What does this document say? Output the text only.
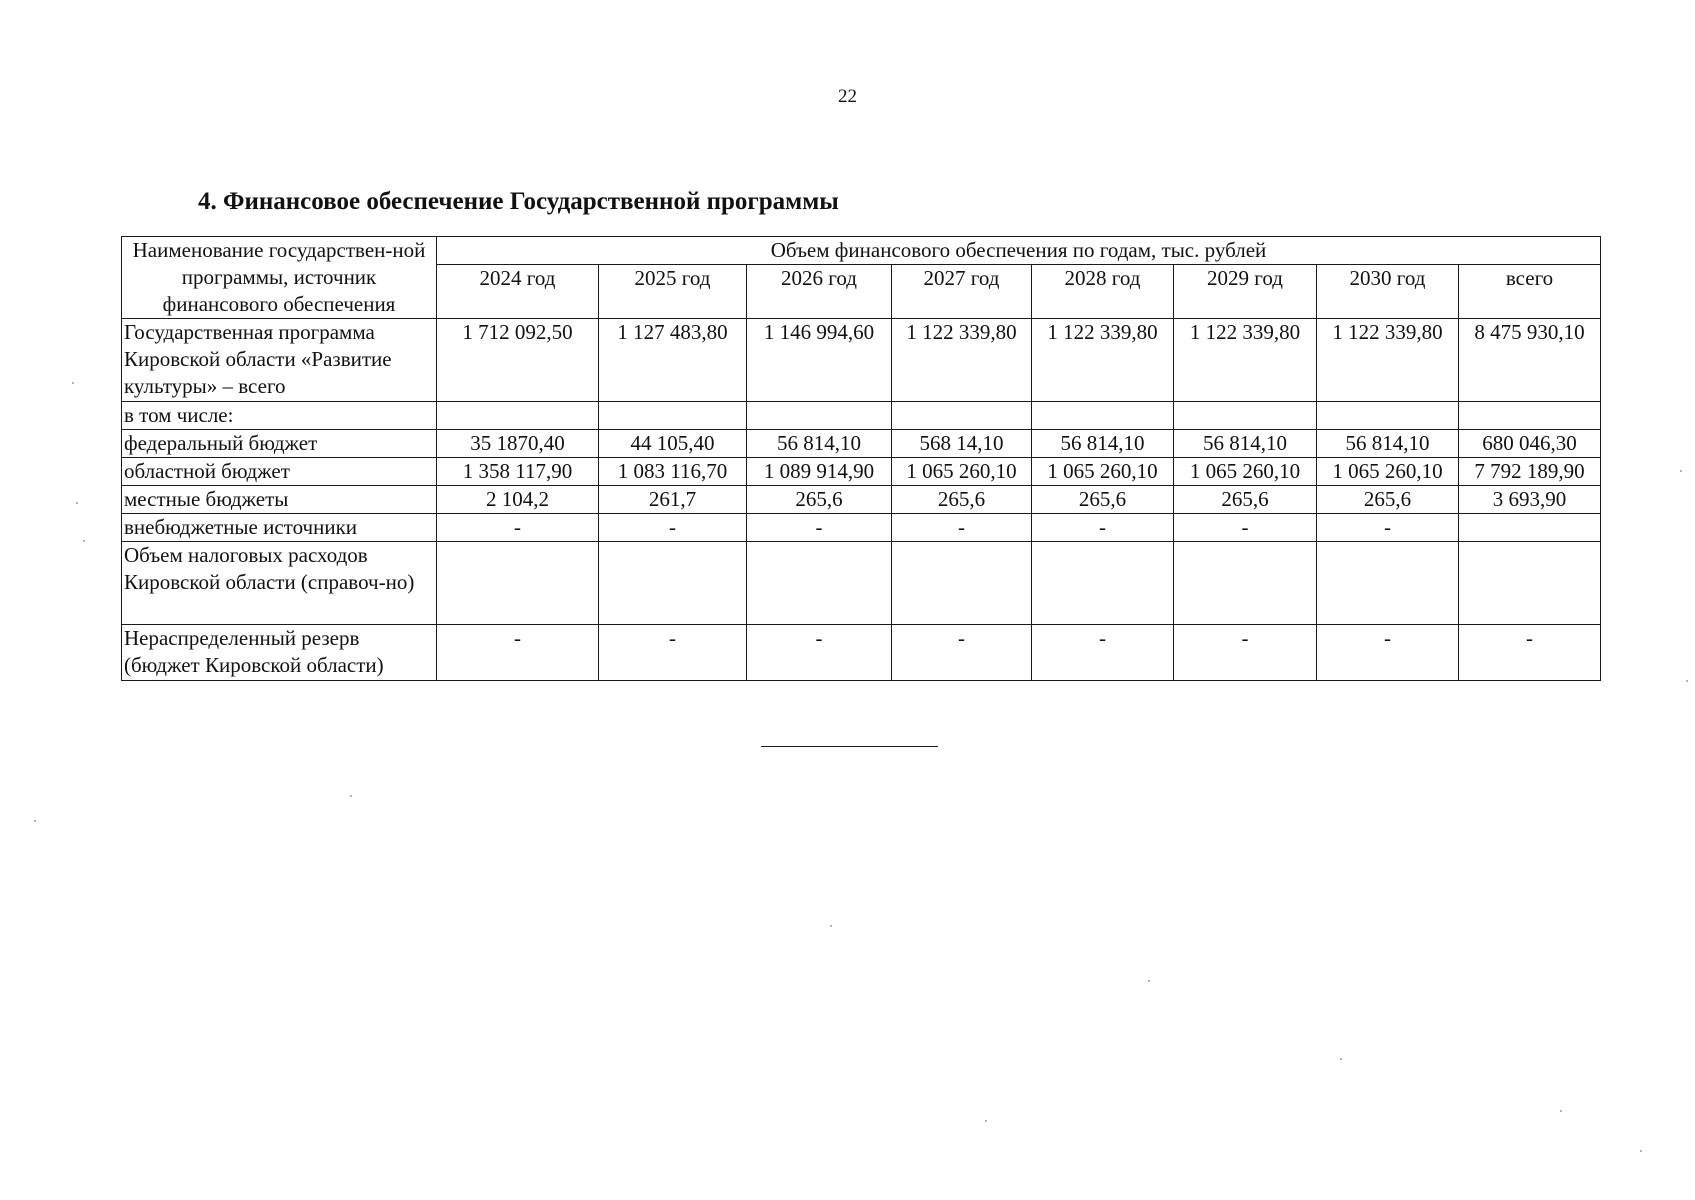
22
4. Финансовое обеспечение Государственной программы
Наименование государствен-ной программы, источник финансового обеспечения	Объем финансового обеспечения по годам, тыс. рублей							
	2024 год	2025 год	2026 год	2027 год	2028 год	2029 год	2030 год	всего
Государственная программа Кировской области «Развитие культуры» – всего	1 712 092,50	1 127 483,80	1 146 994,60	1 122 339,80	1 122 339,80	1 122 339,80	1 122 339,80	8 475 930,10
в том числе:								
федеральный бюджет	35 1870,40	44 105,40	56 814,10	568 14,10	56 814,10	56 814,10	56 814,10	680 046,30
областной бюджет	1 358 117,90	1 083 116,70	1 089 914,90	1 065 260,10	1 065 260,10	1 065 260,10	1 065 260,10	7 792 189,90
местные бюджеты	2 104,2	261,7	265,6	265,6	265,6	265,6	265,6	3 693,90
внебюджетные источники	-	-	-	-	-	-	-	
Объем налоговых расходов Кировской области (справоч-но)								
Нераспределенный резерв (бюджет Кировской области)	-	-	-	-	-	-	-	-
